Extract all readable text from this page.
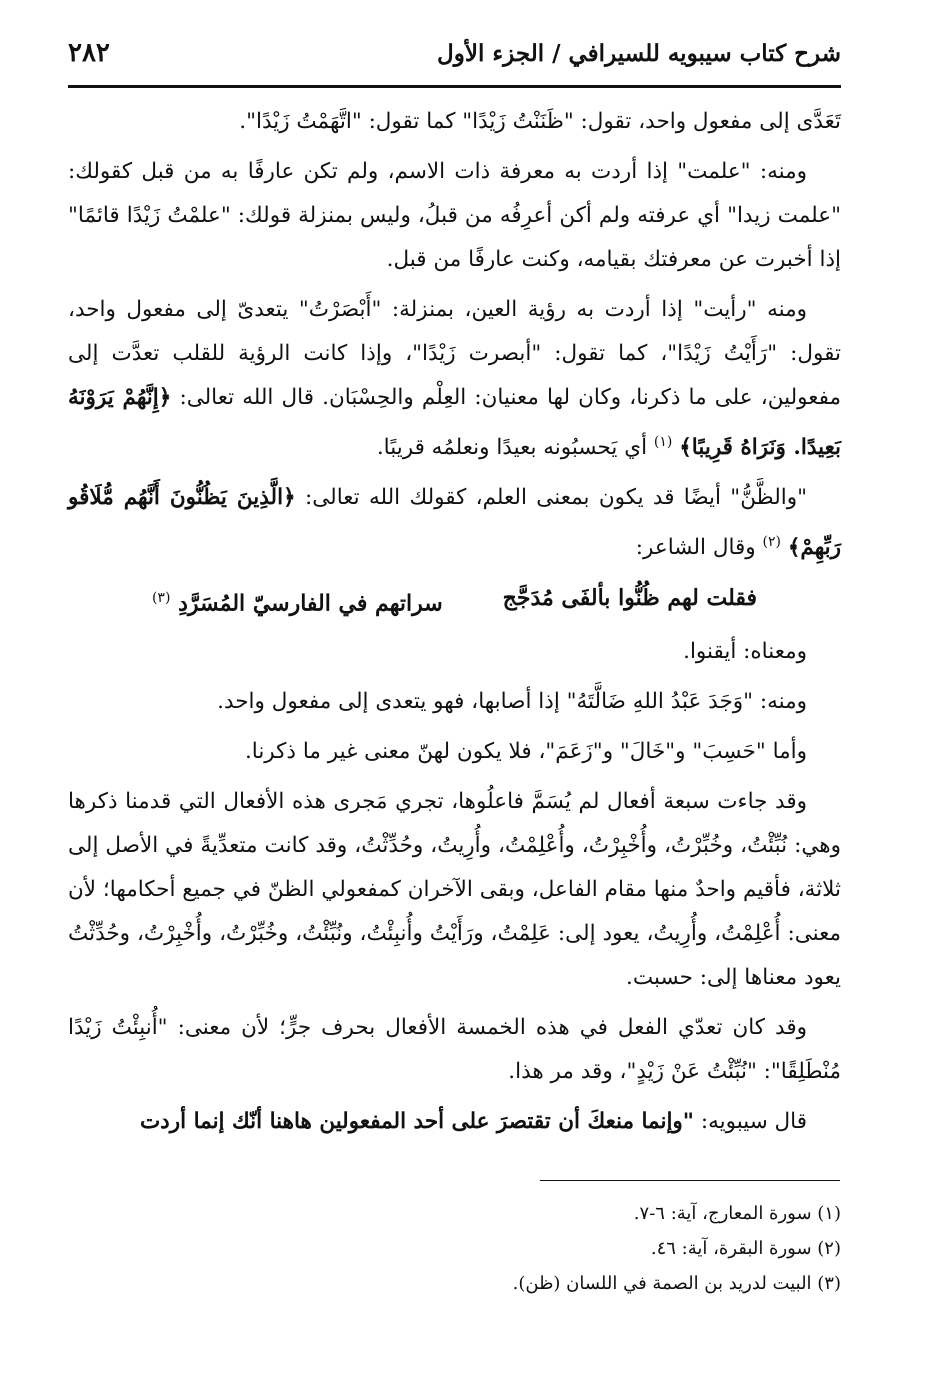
شرح كتاب سيبويه للسيرافي / الجزء الأول
٢٨٢

تَعَدَّى إلى مفعول واحد، تقول: "ظَنَنْتُ زَيْدًا" كما تقول: "اتَّهَمْتُ زَيْدًا".

ومنه: "علمت" إذا أردت به معرفة ذات الاسم، ولم تكن عارفًا به من قبل كقولك: "علمت زيدا" أي عرفته ولم أكن أعرِفُه من قبلُ، وليس بمنزلة قولك: "علمْتُ زَيْدًا قائمًا" إذا أخبرت عن معرفتك بقيامه، وكنت عارفًا من قبل.

ومنه "رأيت" إذا أردت به رؤية العين، بمنزلة: "أَبْصَرْتُ" يتعدىّ إلى مفعول واحد، تقول: "رَأَيْتُ زَيْدًا"، كما تقول: "أبصرت زَيْدًا"، وإذا كانت الرؤية للقلب تعدَّت إلى مفعولين، على ما ذكرنا، وكان لها معنيان: العِلْم والحِسْبَان. قال الله تعالى: ﴿إِنَّهُمْ يَرَوْنَهُ بَعِيدًا. وَنَرَاهُ قَرِيبًا﴾ $^{(١)}$ أي يَحسبُونه بعيدًا ونعلمُه قريبًا.

"والظَّنُّ" أيضًا قد يكون بمعنى العلم، كقولك الله تعالى: ﴿الَّذِينَ يَظُنُّونَ أَنَّهُم مُّلَاقُو رَبِّهِمْ﴾ $^{(٢)}$ وقال الشاعر:

فقلت لهم ظُنُّوا بألفَى مُدَجَّج
سراتهم في الفارسيّ المُسَرَّدِ $^{(٣)}$

ومعناه: أيقنوا.

ومنه: "وَجَدَ عَبْدُ اللهِ ضَالَّتَهُ" إذا أصابها، فهو يتعدى إلى مفعول واحد.

وأما "حَسِبَ" و"خَالَ" و"زَعَمَ"، فلا يكون لهنّ معنى غير ما ذكرنا.

وقد جاءت سبعة أفعال لم يُسَمَّ فاعلُوها، تجري مَجرى هذه الأفعال التي قدمنا ذكرها وهي: نُبِّئْتُ، وخُبِّرْتُ، وأُخْبِرْتُ، وأُعْلِمْتُ، وأُرِيتُ، وحُدِّثْتُ، وقد كانت متعدِّيةً في الأصل إلى ثلاثة، فأقيم واحدٌ منها مقام الفاعل، وبقى الآخران كمفعولي الظنّ في جميع أحكامها؛ لأن معنى: أُعْلِمْتُ، وأُرِيتُ، يعود إلى: عَلِمْتُ، ورَأَيْتُ وأُنبِئْتُ، ونُبِّئْتُ، وخُبِّرْتُ، وأُخْبِرْتُ، وحُدِّثْتُ يعود معناها إلى: حسبت.

وقد كان تعدّي الفعل في هذه الخمسة الأفعال بحرف جرٍّ؛ لأن معنى: "أُنبِئْتُ زَيْدًا مُنْطَلِقًا": "نُبِّئْتُ عَنْ زَيْدٍ"، وقد مر هذا.

قال سيبويه: "وإنما منعكَ أن تقتصرَ على أحد المفعولين هاهنا أنّك إنما أردت

(١) سورة المعارج، آية: ٦-٧.
(٢) سورة البقرة، آية: ٤٦.
(٣) البيت لدريد بن الصمة في اللسان (ظن).
